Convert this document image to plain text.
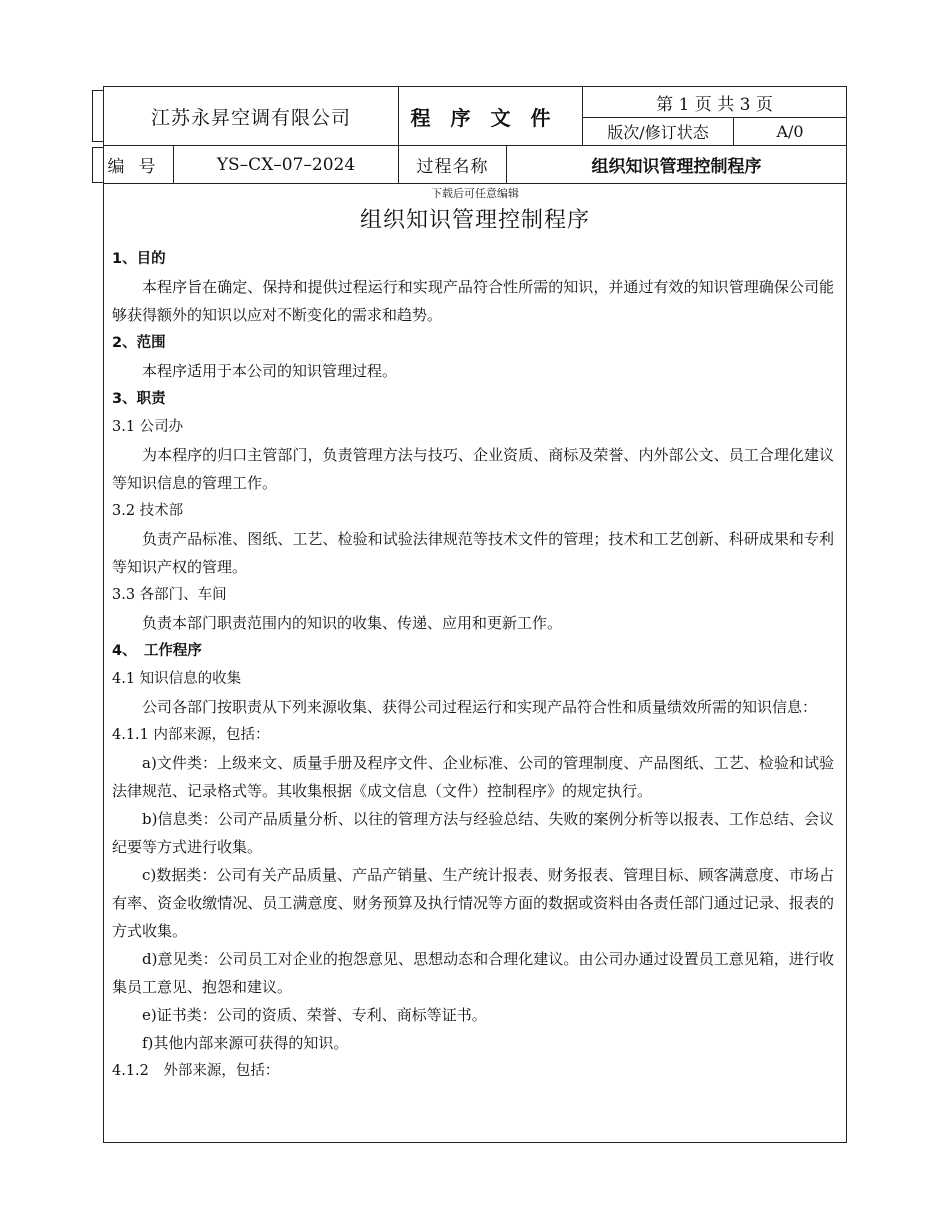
江苏永昇空调有限公司	程序文件
第 1 页 共 3 页
版次/修订状态	A/0
编号	YS–CX–07–2024	过程名称	组织知识管理控制程序
下载后可任意编辑
组织知识管理控制程序

1、目的

本程序旨在确定、保持和提供过程运行和实现产品符合性所需的知识，并通过有效的知识管理确保公司能够获得额外的知识以应对不断变化的需求和趋势。

2、范围

本程序适用于本公司的知识管理过程。

3、职责

3.1 公司办

为本程序的归口主管部门，负责管理方法与技巧、企业资质、商标及荣誉、内外部公文、员工合理化建议等知识信息的管理工作。

3.2 技术部

负责产品标准、图纸、工艺、检验和试验法律规范等技术文件的管理；技术和工艺创新、科研成果和专利等知识产权的管理。

3.3 各部门、车间

负责本部门职责范围内的知识的收集、传递、应用和更新工作。

4、　工作程序

4.1 知识信息的收集

公司各部门按职责从下列来源收集、获得公司过程运行和实现产品符合性和质量绩效所需的知识信息：

4.1.1 内部来源，包括：

a)文件类：上级来文、质量手册及程序文件、企业标准、公司的管理制度、产品图纸、工艺、检验和试验法律规范、记录格式等。其收集根据《成文信息（文件）控制程序》的规定执行。

b)信息类：公司产品质量分析、以往的管理方法与经验总结、失败的案例分析等以报表、工作总结、会议纪要等方式进行收集。

c)数据类：公司有关产品质量、产品产销量、生产统计报表、财务报表、管理目标、顾客满意度、市场占有率、资金收缴情况、员工满意度、财务预算及执行情况等方面的数据或资料由各责任部门通过记录、报表的方式收集。

d)意见类：公司员工对企业的抱怨意见、思想动态和合理化建议。由公司办通过设置员工意见箱，进行收集员工意见、抱怨和建议。

e)证书类：公司的资质、荣誉、专利、商标等证书。

f)其他内部来源可获得的知识。

4.1.2　外部来源，包括：
